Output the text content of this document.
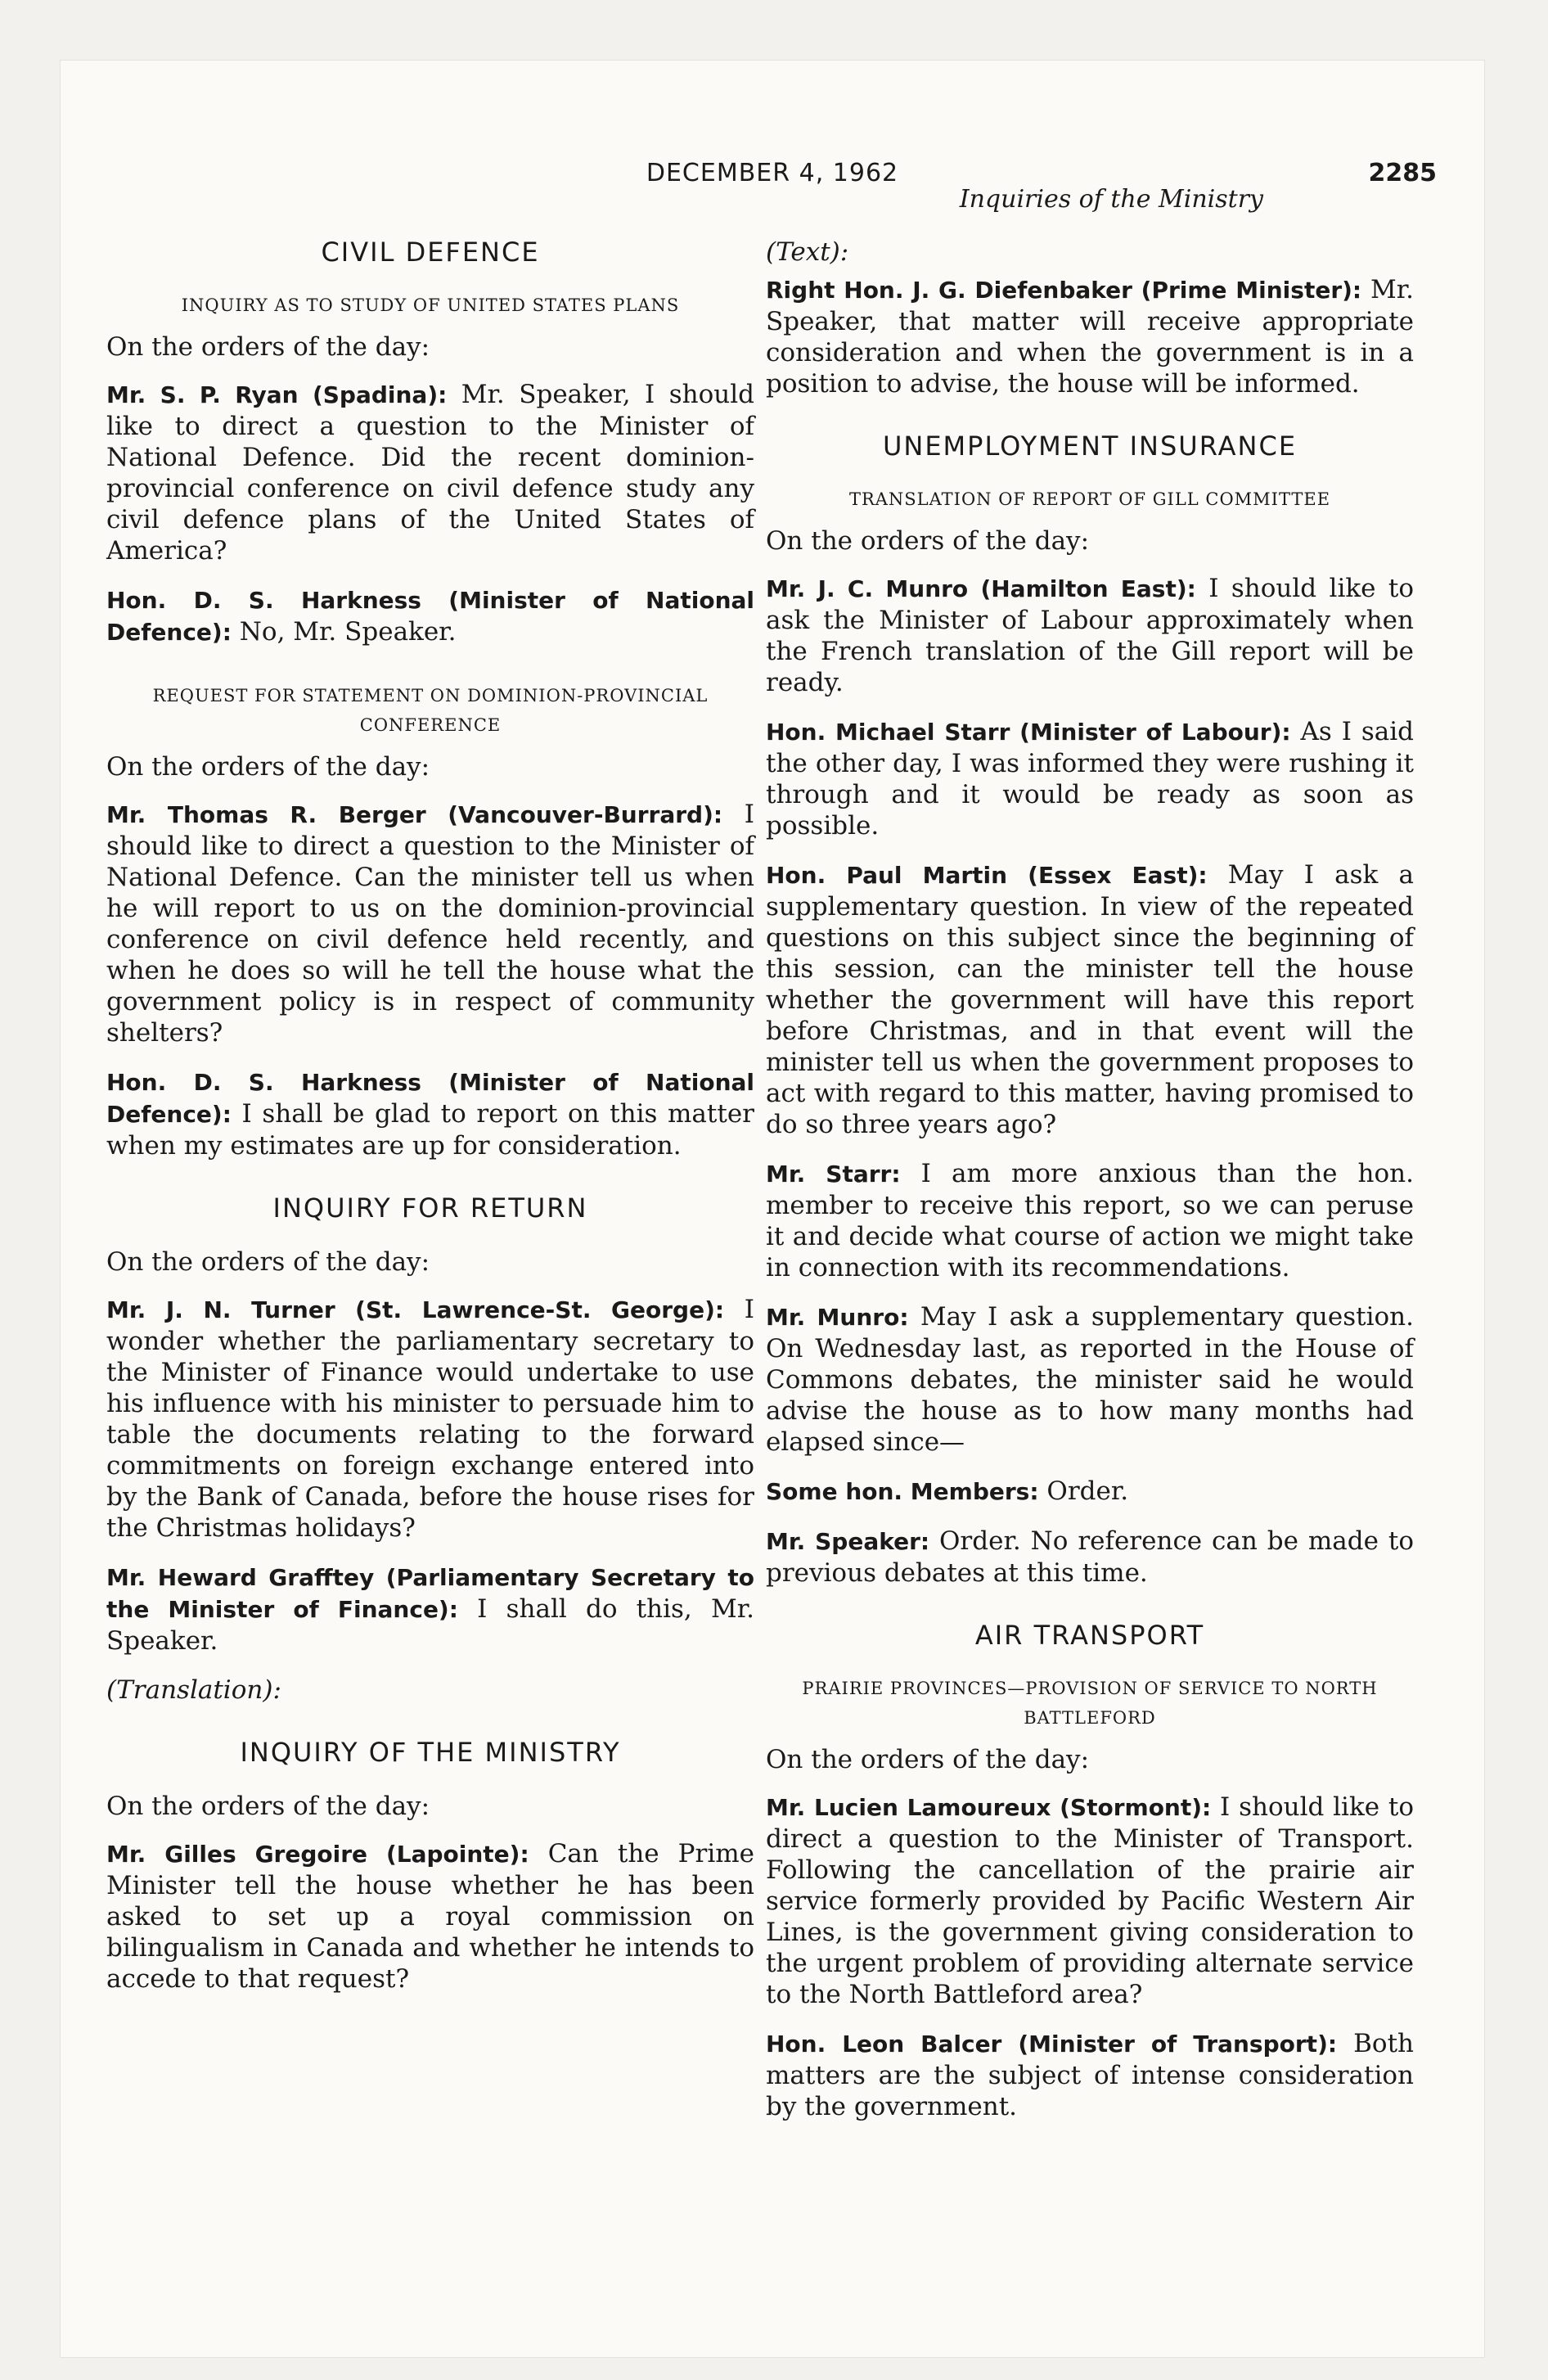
DECEMBER 4, 1962	2285
Inquiries of the Ministry
CIVIL DEFENCE
INQUIRY AS TO STUDY OF UNITED STATES PLANS

On the orders of the day:

Mr. S. P. Ryan (Spadina): Mr. Speaker, I should like to direct a question to the Minister of National Defence. Did the recent dominion-provincial conference on civil defence study any civil defence plans of the United States of America?

Hon. D. S. Harkness (Minister of National Defence): No, Mr. Speaker.

REQUEST FOR STATEMENT ON DOMINION-PROVINCIAL CONFERENCE

On the orders of the day:

Mr. Thomas R. Berger (Vancouver-Burrard): I should like to direct a question to the Minister of National Defence. Can the minister tell us when he will report to us on the dominion-provincial conference on civil defence held recently, and when he does so will he tell the house what the government policy is in respect of community shelters?

Hon. D. S. Harkness (Minister of National Defence): I shall be glad to report on this matter when my estimates are up for consideration.

INQUIRY FOR RETURN

On the orders of the day:

Mr. J. N. Turner (St. Lawrence-St. George): I wonder whether the parliamentary secretary to the Minister of Finance would undertake to use his influence with his minister to persuade him to table the documents relating to the forward commitments on foreign exchange entered into by the Bank of Canada, before the house rises for the Christmas holidays?

Mr. Heward Grafftey (Parliamentary Secretary to the Minister of Finance): I shall do this, Mr. Speaker.

(Translation):

INQUIRY OF THE MINISTRY

On the orders of the day:

Mr. Gilles Gregoire (Lapointe): Can the Prime Minister tell the house whether he has been asked to set up a royal commission on bilingualism in Canada and whether he intends to accede to that request?

(Text):

Right Hon. J. G. Diefenbaker (Prime Minister): Mr. Speaker, that matter will receive appropriate consideration and when the government is in a position to advise, the house will be informed.

UNEMPLOYMENT INSURANCE
TRANSLATION OF REPORT OF GILL COMMITTEE

On the orders of the day:

Mr. J. C. Munro (Hamilton East): I should like to ask the Minister of Labour approximately when the French translation of the Gill report will be ready.

Hon. Michael Starr (Minister of Labour): As I said the other day, I was informed they were rushing it through and it would be ready as soon as possible.

Hon. Paul Martin (Essex East): May I ask a supplementary question. In view of the repeated questions on this subject since the beginning of this session, can the minister tell the house whether the government will have this report before Christmas, and in that event will the minister tell us when the government proposes to act with regard to this matter, having promised to do so three years ago?

Mr. Starr: I am more anxious than the hon. member to receive this report, so we can peruse it and decide what course of action we might take in connection with its recommendations.

Mr. Munro: May I ask a supplementary question. On Wednesday last, as reported in the House of Commons debates, the minister said he would advise the house as to how many months had elapsed since—

Some hon. Members: Order.

Mr. Speaker: Order. No reference can be made to previous debates at this time.

AIR TRANSPORT
PRAIRIE PROVINCES—PROVISION OF SERVICE TO NORTH BATTLEFORD

On the orders of the day:

Mr. Lucien Lamoureux (Stormont): I should like to direct a question to the Minister of Transport. Following the cancellation of the prairie air service formerly provided by Pacific Western Air Lines, is the government giving consideration to the urgent problem of providing alternate service to the North Battleford area?

Hon. Leon Balcer (Minister of Transport): Both matters are the subject of intense consideration by the government.
